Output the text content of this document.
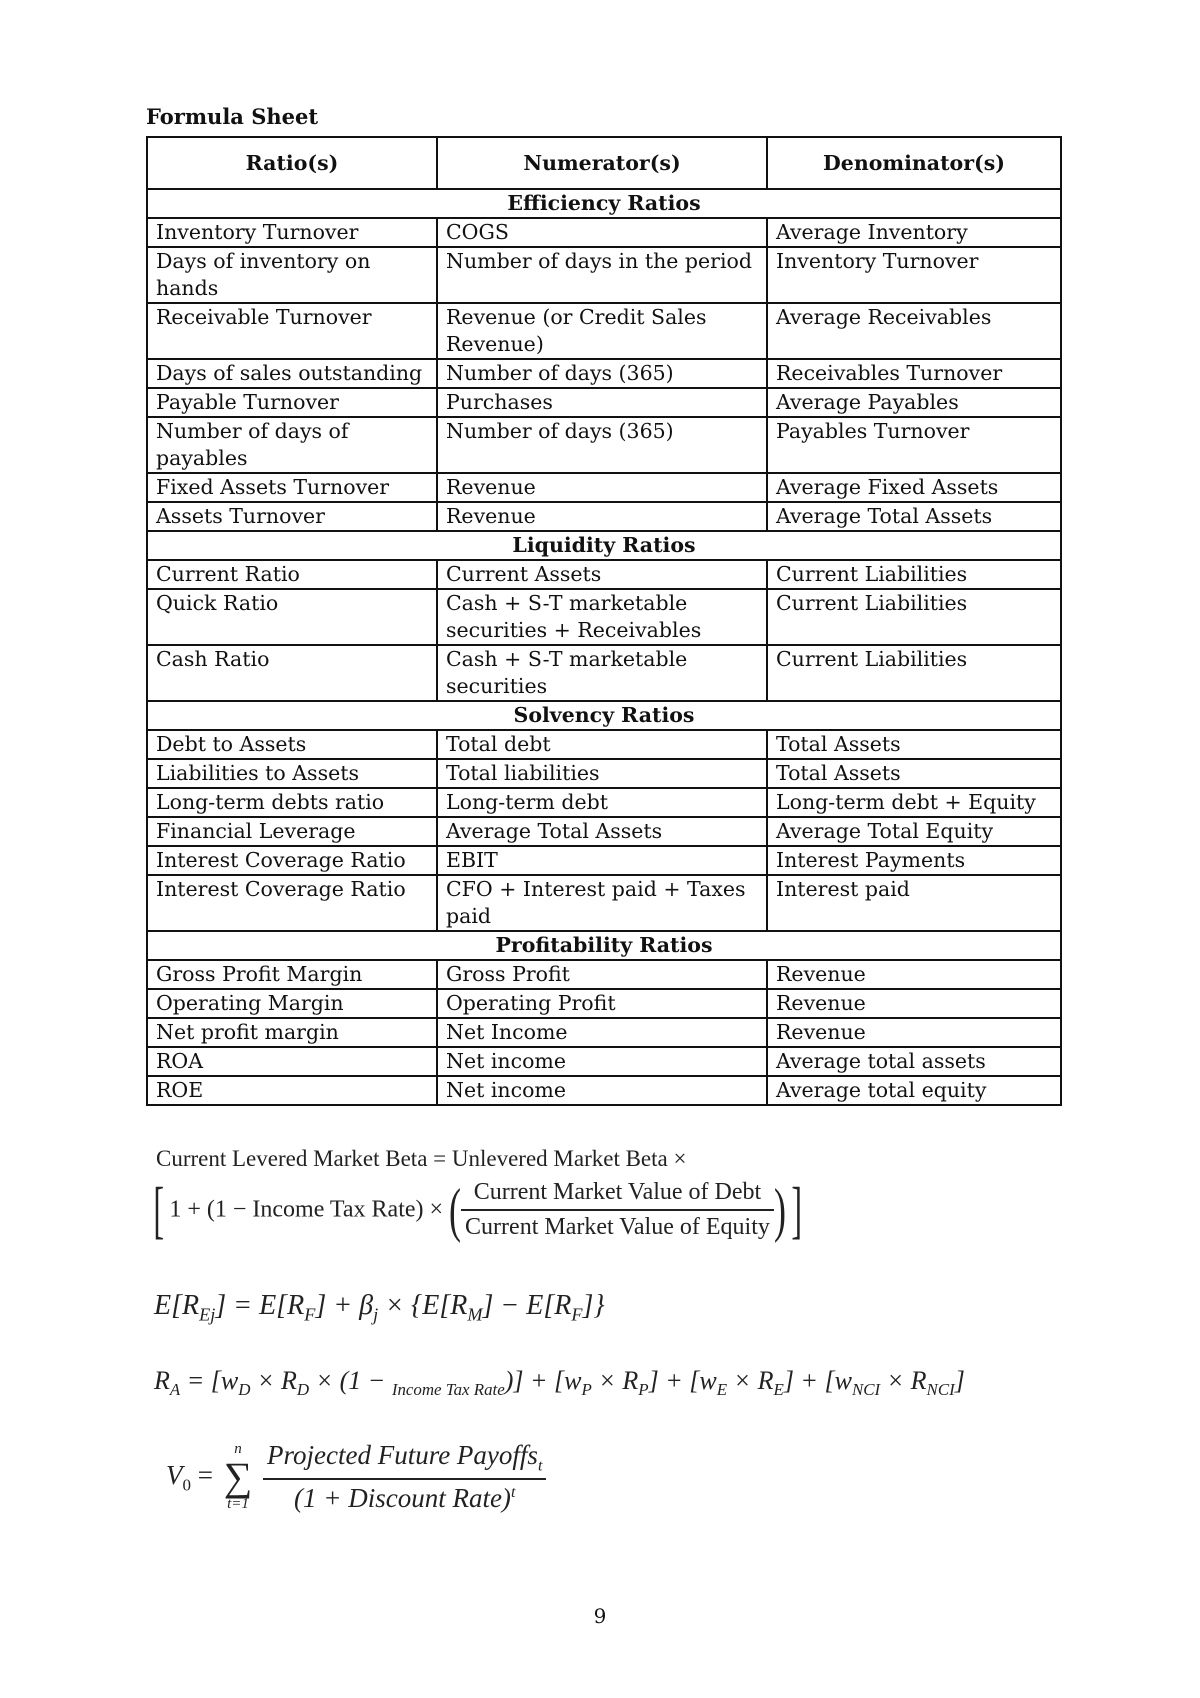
Formula Sheet
Ratio(s)	Numerator(s)	Denominator(s)
Efficiency Ratios		
Inventory Turnover	COGS	Average Inventory
Days of inventory on hands	Number of days in the period	Inventory Turnover
Receivable Turnover	Revenue (or Credit Sales Revenue)	Average Receivables
Days of sales outstanding	Number of days (365)	Receivables Turnover
Payable Turnover	Purchases	Average Payables
Number of days of payables	Number of days (365)	Payables Turnover
Fixed Assets Turnover	Revenue	Average Fixed Assets
Assets Turnover	Revenue	Average Total Assets
Liquidity Ratios		
Current Ratio	Current Assets	Current Liabilities
Quick Ratio	Cash + S-T marketable securities + Receivables	Current Liabilities
Cash Ratio	Cash + S-T marketable securities	Current Liabilities
Solvency Ratios		
Debt to Assets	Total debt	Total Assets
Liabilities to Assets	Total liabilities	Total Assets
Long-term debts ratio	Long-term debt	Long-term debt + Equity
Financial Leverage	Average Total Assets	Average Total Equity
Interest Coverage Ratio	EBIT	Interest Payments
Interest Coverage Ratio	CFO + Interest paid + Taxes paid	Interest paid
Profitability Ratios		
Gross Profit Margin	Gross Profit	Revenue
Operating Margin	Operating Profit	Revenue
Net profit margin	Net Income	Revenue
ROA	Net income	Average total assets
ROE	Net income	Average total equity
Current Levered Market Beta = Unlevered Market Beta ×
[ 1 + (1 − Income Tax Rate) × ( $\frac{\text{Current Market Value of Debt}}{\text{Current Market Value of Equity}}$ )]
$E[R_{Ej}] = E[R_F] + \beta_j \times \{E[R_M] - E[R_F]\}$
$R_A = [w_D \times R_D \times (1 - _{Income Tax Rate})] + [w_P \times R_P] + [w_E \times R_E] + [w_{NCI} \times R_{NCI}]$
$V_0$ =
n
∑
t=1
$\frac{Projected Future Payoffs_t}{(1 + Discount Rate)^t}$
9
